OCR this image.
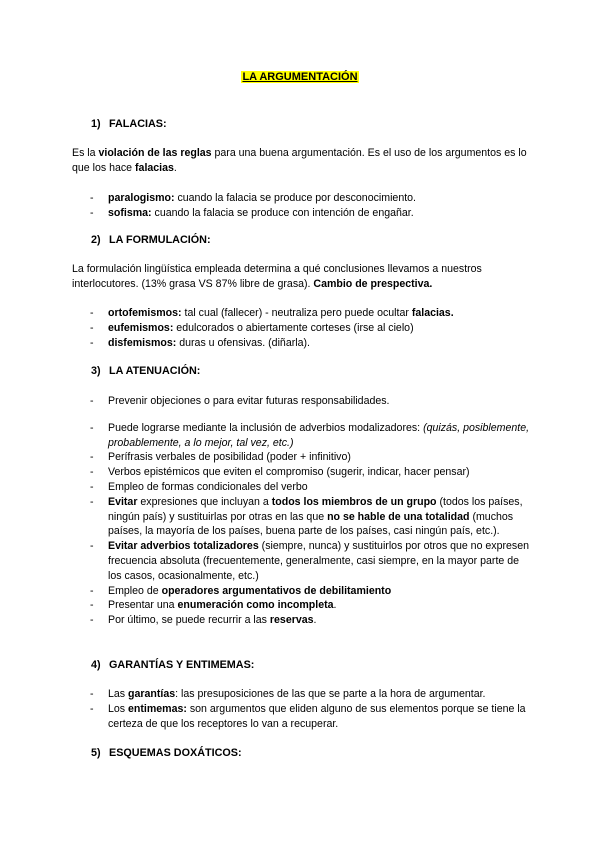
LA ARGUMENTACIÓN
1) FALACIAS:
Es la violación de las reglas para una buena argumentación. Es el uso de los argumentos es lo que los hace falacias.
- paralogismo: cuando la falacia se produce por desconocimiento.
- sofisma: cuando la falacia se produce con intención de engañar.
2) LA FORMULACIÓN:
La formulación lingüística empleada determina a qué conclusiones llevamos a nuestros interlocutores. (13% grasa VS 87% libre de grasa). Cambio de prespectiva.
- ortofemismos: tal cual (fallecer) - neutraliza pero puede ocultar falacias.
- eufemismos: edulcorados o abiertamente corteses (irse al cielo)
- disfemismos: duras u ofensivas. (diñarla).
3) LA ATENUACIÓN:
- Prevenir objeciones o para evitar futuras responsabilidades.
- Puede lograrse mediante la inclusión de adverbios modalizadores: (quizás, posiblemente, probablemente, a lo mejor, tal vez, etc.)
- Perífrasis verbales de posibilidad (poder + infinitivo)
- Verbos epistémicos que eviten el compromiso (sugerir, indicar, hacer pensar)
- Empleo de formas condicionales del verbo
- Evitar expresiones que incluyan a todos los miembros de un grupo (todos los países, ningún país) y sustituirlas por otras en las que no se hable de una totalidad (muchos países, la mayoría de los países, buena parte de los países, casi ningún país, etc.).
- Evitar adverbios totalizadores (siempre, nunca) y sustituirlos por otros que no expresen frecuencia absoluta (frecuentemente, generalmente, casi siempre, en la mayor parte de los casos, ocasionalmente, etc.)
- Empleo de operadores argumentativos de debilitamiento
- Presentar una enumeración como incompleta.
- Por último, se puede recurrir a las reservas.
4) GARANTÍAS Y ENTIMEMAS:
- Las garantías: las presuposiciones de las que se parte a la hora de argumentar.
- Los entimemas: son argumentos que eliden alguno de sus elementos porque se tiene la certeza de que los receptores lo van a recuperar.
5) ESQUEMAS DOXÁTICOS:
